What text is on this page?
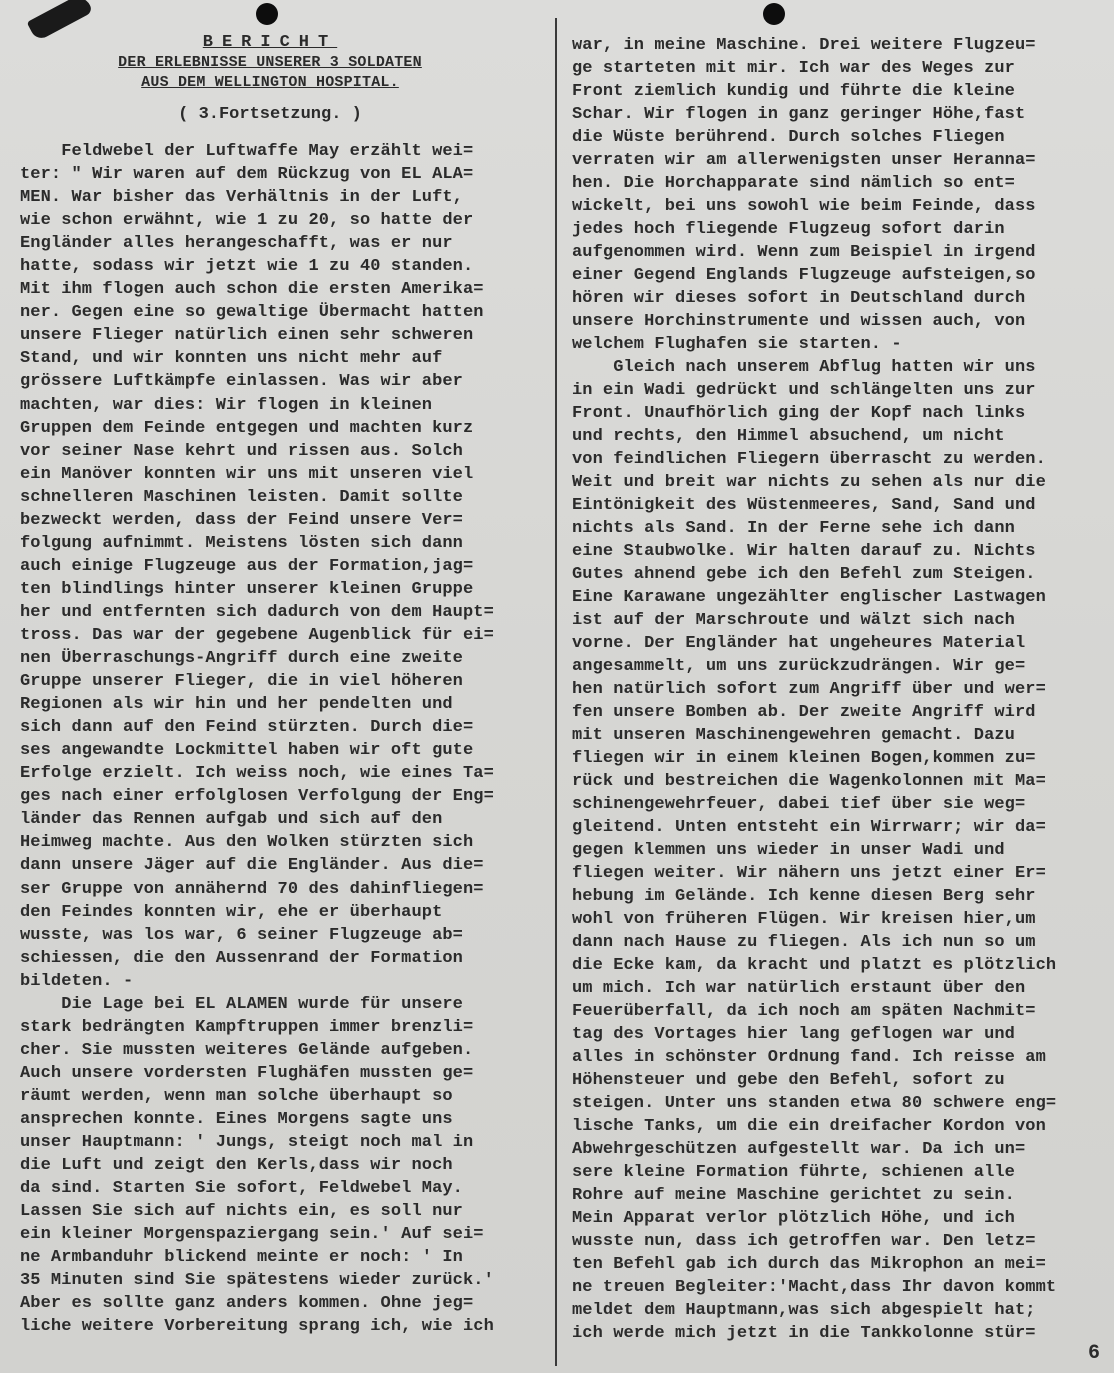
BERICHT
DER ERLEBNISSE UNSERER 3 SOLDATEN
AUS DEM WELLINGTON HOSPITAL.
( 3.Fortsetzung. )
Feldwebel der Luftwaffe May erzählt wei=
ter: " Wir waren auf dem Rückzug von EL ALA=
MEN. War bisher das Verhältnis in der Luft,
wie schon erwähnt, wie 1 zu 20, so hatte der
Engländer alles herangeschafft, was er nur
hatte, sodass wir jetzt wie 1 zu 40 standen.
Mit ihm flogen auch schon die ersten Amerika=
ner. Gegen eine so gewaltige Übermacht hatten
unsere Flieger natürlich einen sehr schweren
Stand, und wir konnten uns nicht mehr auf
grössere Luftkämpfe einlassen. Was wir aber
machten, war dies: Wir flogen in kleinen
Gruppen dem Feinde entgegen und machten kurz
vor seiner Nase kehrt und rissen aus. Solch
ein Manöver konnten wir uns mit unseren viel
schnelleren Maschinen leisten. Damit sollte
bezweckt werden, dass der Feind unsere Ver=
folgung aufnimmt. Meistens lösten sich dann
auch einige Flugzeuge aus der Formation,jag=
ten blindlings hinter unserer kleinen Gruppe
her und entfernten sich dadurch von dem Haupt=
tross. Das war der gegebene Augenblick für ei=
nen Überraschungs-Angriff durch eine zweite
Gruppe unserer Flieger, die in viel höheren
Regionen als wir hin und her pendelten und
sich dann auf den Feind stürzten. Durch die=
ses angewandte Lockmittel haben wir oft gute
Erfolge erzielt. Ich weiss noch, wie eines Ta=
ges nach einer erfolglosen Verfolgung der Eng=
länder das Rennen aufgab und sich auf den
Heimweg machte. Aus den Wolken stürzten sich
dann unsere Jäger auf die Engländer. Aus die=
ser Gruppe von annähernd 70 des dahinfliegen=
den Feindes konnten wir, ehe er überhaupt
wusste, was los war, 6 seiner Flugzeuge ab=
schiessen, die den Aussenrand der Formation
bildeten. -
Die Lage bei EL ALAMEN wurde für unsere
stark bedrängten Kampftruppen immer brenzli=
cher. Sie mussten weiteres Gelände aufgeben.
Auch unsere vordersten Flughäfen mussten ge=
räumt werden, wenn man solche überhaupt so
ansprechen konnte. Eines Morgens sagte uns
unser Hauptmann: ' Jungs, steigt noch mal in
die Luft und zeigt den Kerls,dass wir noch
da sind. Starten Sie sofort, Feldwebel May.
Lassen Sie sich auf nichts ein, es soll nur
ein kleiner Morgenspaziergang sein.' Auf sei=
ne Armbanduhr blickend meinte er noch: ' In
35 Minuten sind Sie spätestens wieder zurück.'
Aber es sollte ganz anders kommen. Ohne jeg=
liche weitere Vorbereitung sprang ich, wie ich
war, in meine Maschine. Drei weitere Flugzeu=
ge starteten mit mir. Ich war des Weges zur
Front ziemlich kundig und führte die kleine
Schar. Wir flogen in ganz geringer Höhe,fast
die Wüste berührend. Durch solches Fliegen
verraten wir am allerwenigsten unser Heranna=
hen. Die Horchapparate sind nämlich so ent=
wickelt, bei uns sowohl wie beim Feinde, dass
jedes hoch fliegende Flugzeug sofort darin
aufgenommen wird. Wenn zum Beispiel in irgend
einer Gegend Englands Flugzeuge aufsteigen,so
hören wir dieses sofort in Deutschland durch
unsere Horchinstrumente und wissen auch, von
welchem Flughafen sie starten. -
Gleich nach unserem Abflug hatten wir uns
in ein Wadi gedrückt und schlängelten uns zur
Front. Unaufhörlich ging der Kopf nach links
und rechts, den Himmel absuchend, um nicht
von feindlichen Fliegern überrascht zu werden.
Weit und breit war nichts zu sehen als nur die
Eintönigkeit des Wüstenmeeres, Sand, Sand und
nichts als Sand. In der Ferne sehe ich dann
eine Staubwolke. Wir halten darauf zu. Nichts
Gutes ahnend gebe ich den Befehl zum Steigen.
Eine Karawane ungezählter englischer Lastwagen
ist auf der Marschroute und wälzt sich nach
vorne. Der Engländer hat ungeheures Material
angesammelt, um uns zurückzudrängen. Wir ge=
hen natürlich sofort zum Angriff über und wer=
fen unsere Bomben ab. Der zweite Angriff wird
mit unseren Maschinengewehren gemacht. Dazu
fliegen wir in einem kleinen Bogen,kommen zu=
rück und bestreichen die Wagenkolonnen mit Ma=
schinengewehrfeuer, dabei tief über sie weg=
gleitend. Unten entsteht ein Wirrwarr; wir da=
gegen klemmen uns wieder in unser Wadi und
fliegen weiter. Wir nähern uns jetzt einer Er=
hebung im Gelände. Ich kenne diesen Berg sehr
wohl von früheren Flügen. Wir kreisen hier,um
dann nach Hause zu fliegen. Als ich nun so um
die Ecke kam, da kracht und platzt es plötzlich
um mich. Ich war natürlich erstaunt über den
Feuerüberfall, da ich noch am späten Nachmit=
tag des Vortages hier lang geflogen war und
alles in schönster Ordnung fand. Ich reisse am
Höhensteuer und gebe den Befehl, sofort zu
steigen. Unter uns standen etwa 80 schwere eng=
lische Tanks, um die ein dreifacher Kordon von
Abwehrgeschützen aufgestellt war. Da ich un=
sere kleine Formation führte, schienen alle
Rohre auf meine Maschine gerichtet zu sein.
Mein Apparat verlor plötzlich Höhe, und ich
wusste nun, dass ich getroffen war. Den letz=
ten Befehl gab ich durch das Mikrophon an mei=
ne treuen Begleiter:'Macht,dass Ihr davon kommt
meldet dem Hauptmann,was sich abgespielt hat;
ich werde mich jetzt in die Tankkolonne stür=
6
